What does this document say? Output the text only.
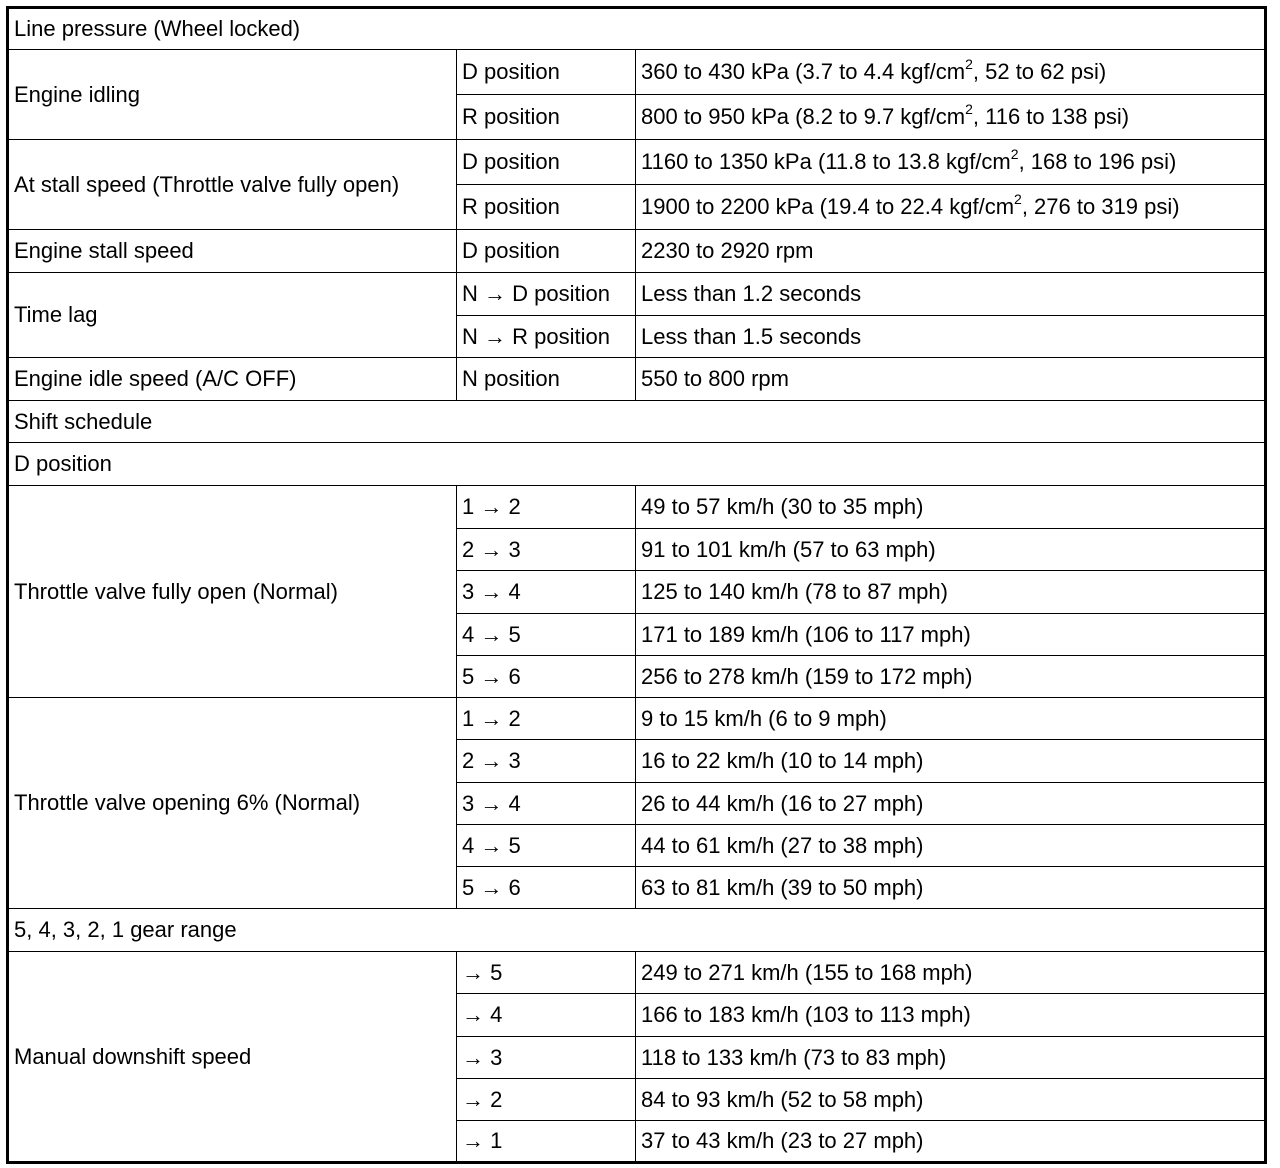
Line pressure (Wheel locked)		
Engine idling	D position	360 to 430 kPa (3.7 to 4.4 kgf/$cm^2$, 52 to 62 psi)
	R position	800 to 950 kPa (8.2 to 9.7 kgf/$cm^2$, 116 to 138 psi)
At stall speed (Throttle valve fully open)	D position	1160 to 1350 kPa (11.8 to 13.8 kgf/$cm^2$, 168 to 196 psi)
	R position	1900 to 2200 kPa (19.4 to 22.4 kgf/$cm^2$, 276 to 319 psi)
Engine stall speed	D position	2230 to 2920 rpm
Time lag	N → D position	Less than 1.2 seconds
	N → R position	Less than 1.5 seconds
Engine idle speed (A/C OFF)	N position	550 to 800 rpm
Shift schedule		
D position		
Throttle valve fully open (Normal)	1 → 2	49 to 57 km/h (30 to 35 mph)
	2 → 3	91 to 101 km/h (57 to 63 mph)
	3 → 4	125 to 140 km/h (78 to 87 mph)
	4 → 5	171 to 189 km/h (106 to 117 mph)
	5 → 6	256 to 278 km/h (159 to 172 mph)
Throttle valve opening 6% (Normal)	1 → 2	9 to 15 km/h (6 to 9 mph)
	2 → 3	16 to 22 km/h (10 to 14 mph)
	3 → 4	26 to 44 km/h (16 to 27 mph)
	4 → 5	44 to 61 km/h (27 to 38 mph)
	5 → 6	63 to 81 km/h (39 to 50 mph)
5, 4, 3, 2, 1 gear range		
Manual downshift speed	→ 5	249 to 271 km/h (155 to 168 mph)
	→ 4	166 to 183 km/h (103 to 113 mph)
	→ 3	118 to 133 km/h (73 to 83 mph)
	→ 2	84 to 93 km/h (52 to 58 mph)
	→ 1	37 to 43 km/h (23 to 27 mph)
